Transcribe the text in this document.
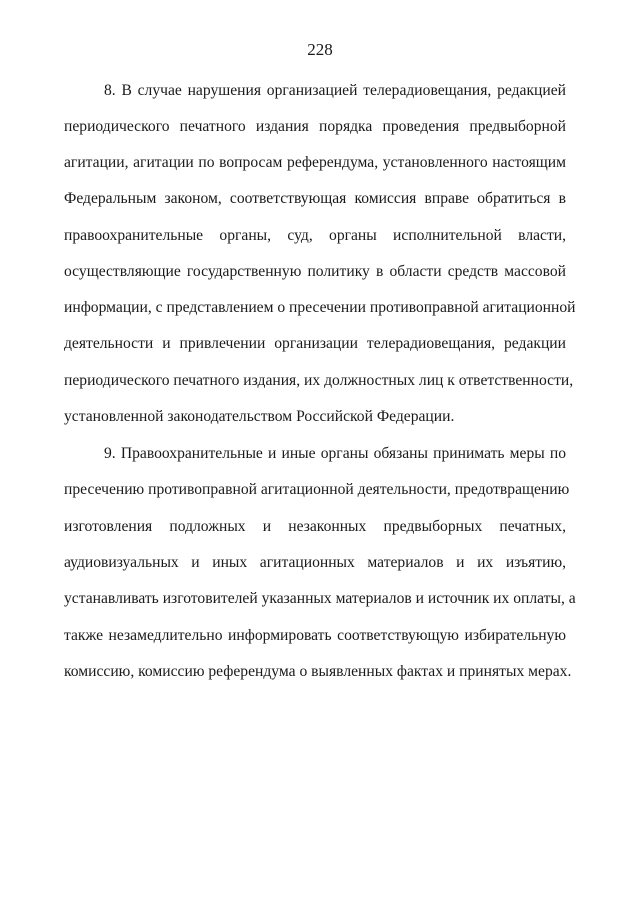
228
8. В случае нарушения организацией телерадиовещания, редакцией
периодического печатного издания порядка проведения предвыборной
агитации, агитации по вопросам референдума, установленного настоящим
Федеральным законом, соответствующая комиссия вправе обратиться в
правоохранительные органы, суд, органы исполнительной власти,
осуществляющие государственную политику в области средств массовой
информации, с представлением о пресечении противоправной агитационной
деятельности и привлечении организации телерадиовещания, редакции
периодического печатного издания, их должностных лиц к ответственности,
установленной законодательством Российской Федерации.
9. Правоохранительные и иные органы обязаны принимать меры по
пресечению противоправной агитационной деятельности, предотвращению
изготовления подложных и незаконных предвыборных печатных,
аудиовизуальных и иных агитационных материалов и их изъятию,
устанавливать изготовителей указанных материалов и источник их оплаты, а
также незамедлительно информировать соответствующую избирательную
комиссию, комиссию референдума о выявленных фактах и принятых мерах.
